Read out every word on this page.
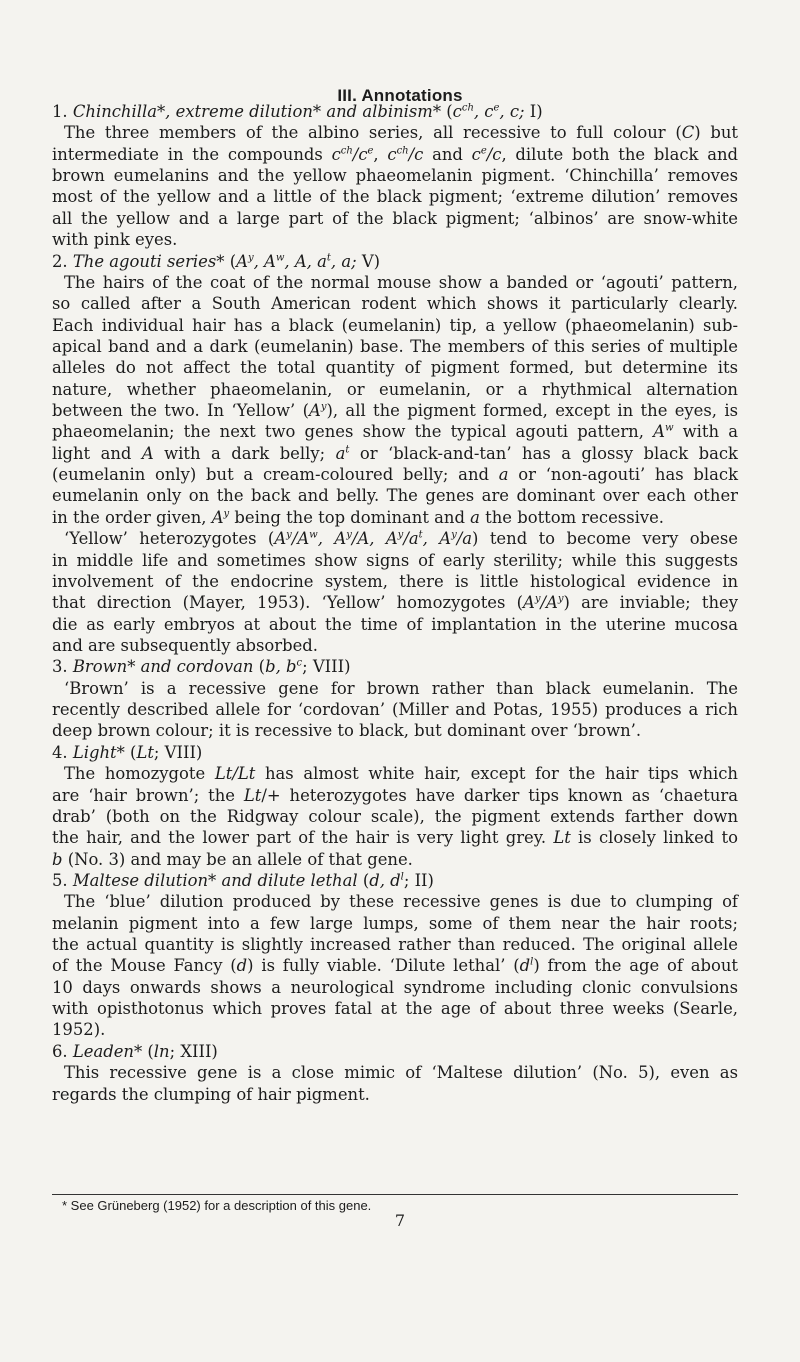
III. Annotations
1. Chinchilla*, extreme dilution* and albinism* ($c^{ch}$, $c^e$, c; I)
The three members of the albino series, all recessive to full colour (C) but
intermediate in the compounds $c^{ch}/c^e$, $c^{ch}/c$ and $c^e/c$, dilute both the black and
brown eumelanins and the yellow phaeomelanin pigment. ‘Chinchilla’ removes
most of the yellow and a little of the black pigment; ‘extreme dilution’ removes
all the yellow and a large part of the black pigment; ‘albinos’ are snow-white
with pink eyes.
2. The agouti series* ($A^y$, $A^w$, A, $a^t$, a; V)
The hairs of the coat of the normal mouse show a banded or ‘agouti’ pattern,
so called after a South American rodent which shows it particularly clearly.
Each individual hair has a black (eumelanin) tip, a yellow (phaeomelanin) sub-
apical band and a dark (eumelanin) base. The members of this series of multiple
alleles do not affect the total quantity of pigment formed, but determine its
nature, whether phaeomelanin, or eumelanin, or a rhythmical alternation
between the two. In ‘Yellow’ $(A^y)$, all the pigment formed, except in the eyes, is
phaeomelanin; the next two genes show the typical agouti pattern, $A^w$ with a
light and A with a dark belly; $a^t$ or ‘black-and-tan’ has a glossy black back
(eumelanin only) but a cream-coloured belly; and a or ‘non-agouti’ has black
eumelanin only on the back and belly. The genes are dominant over each other
in the order given, $A^y$ being the top dominant and a the bottom recessive.
‘Yellow’ heterozygotes ($A^y/A^w$, $A^y/A$, $A^y/a^t$, $A^y/a$) tend to become very obese
in middle life and sometimes show signs of early sterility; while this suggests
involvement of the endocrine system, there is little histological evidence in
that direction (Mayer, 1953). ‘Yellow’ homozygotes $(A^y/A^y)$ are inviable; they
die as early embryos at about the time of implantation in the uterine mucosa
and are subsequently absorbed.
3. Brown* and cordovan (b, $b^c$; VIII)
‘Brown’ is a recessive gene for brown rather than black eumelanin. The
recently described allele for ‘cordovan’ (Miller and Potas, 1955) produces a rich
deep brown colour; it is recessive to black, but dominant over ‘brown’.
4. Light* (Lt; VIII)
The homozygote Lt/Lt has almost white hair, except for the hair tips which
are ‘hair brown’; the Lt/+ heterozygotes have darker tips known as ‘chaetura
drab’ (both on the Ridgway colour scale), the pigment extends farther down
the hair, and the lower part of the hair is very light grey. Lt is closely linked to
b (No. 3) and may be an allele of that gene.
5. Maltese dilution* and dilute lethal (d, $d^l$; II)
The ‘blue’ dilution produced by these recessive genes is due to clumping of
melanin pigment into a few large lumps, some of them near the hair roots;
the actual quantity is slightly increased rather than reduced. The original allele
of the Mouse Fancy (d) is fully viable. ‘Dilute lethal’ $(d^l)$ from the age of about
10 days onwards shows a neurological syndrome including clonic convulsions
with opisthotonus which proves fatal at the age of about three weeks (Searle,
1952).
6. Leaden* (ln; XIII)
This recessive gene is a close mimic of ‘Maltese dilution’ (No. 5), even as
regards the clumping of hair pigment.
* See Grüneberg (1952) for a description of this gene.
7
